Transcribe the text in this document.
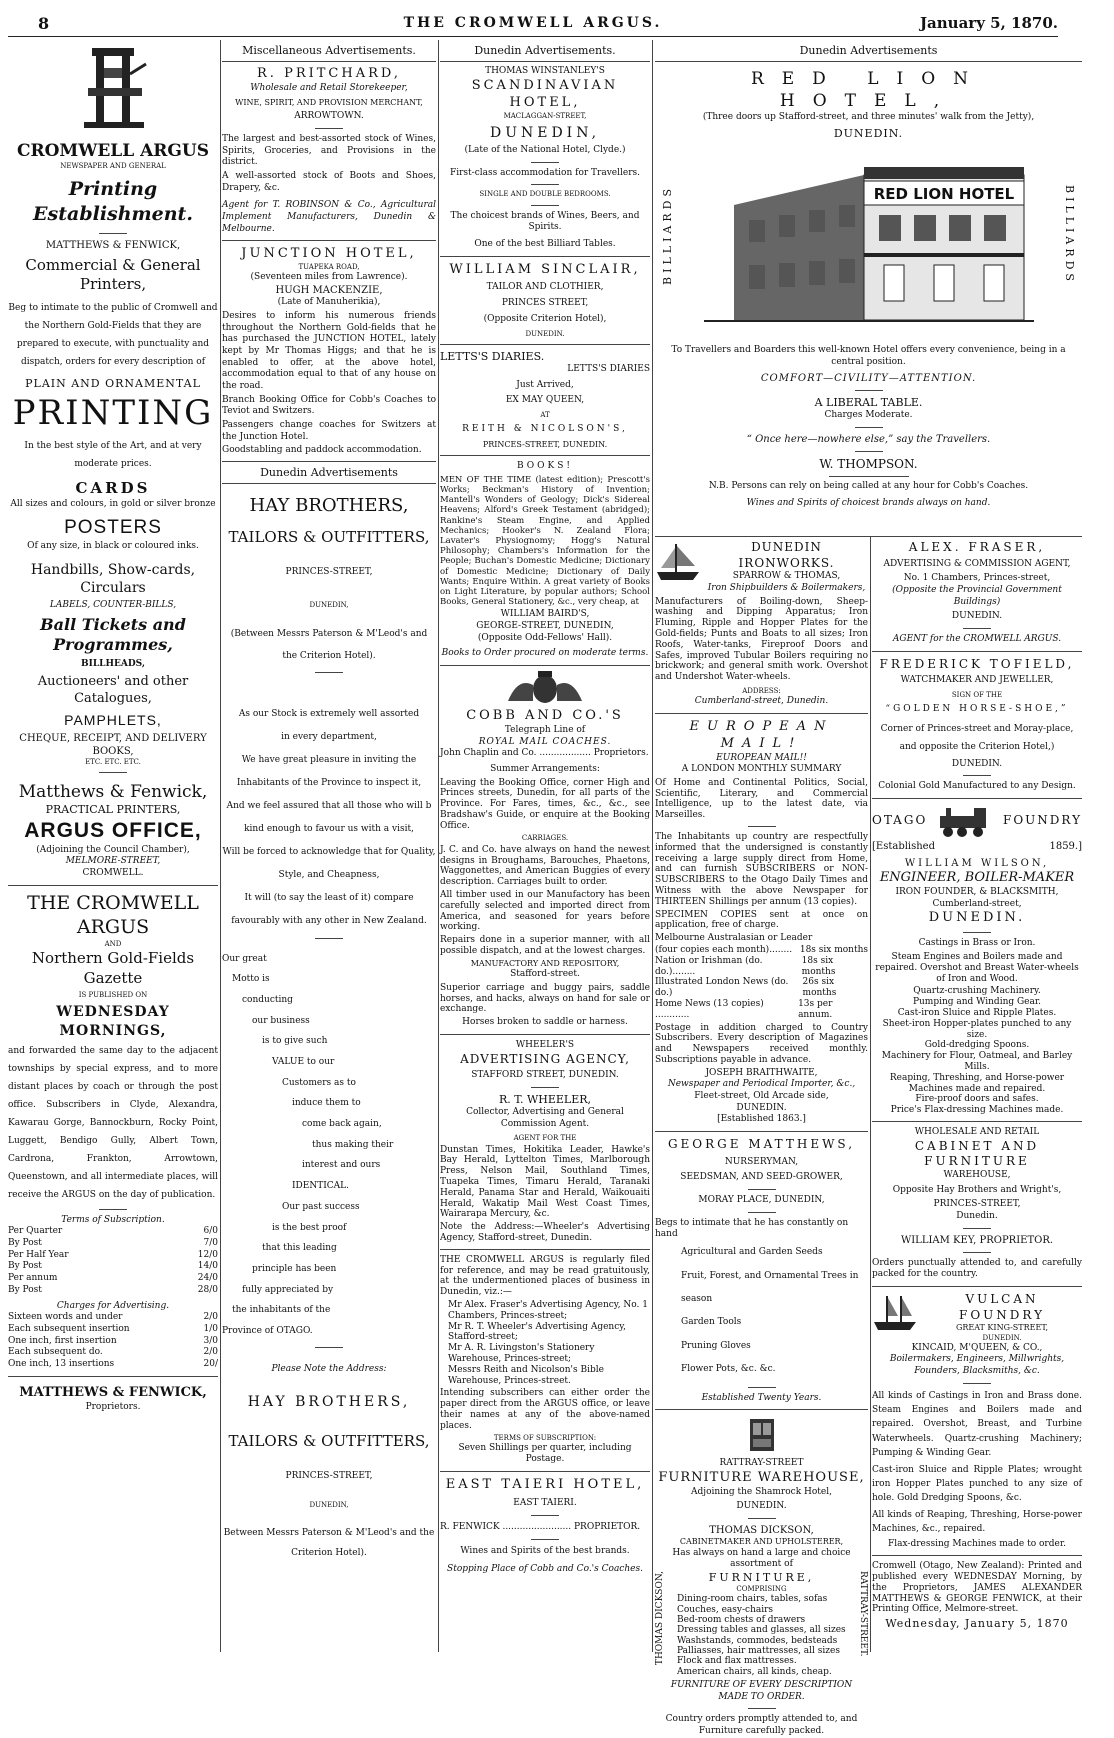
8	THE CROMWELL ARGUS.	January 5, 1870.
CROMWELL ARGUS
NEWSPAPER AND GENERAL
Printing Establishment.
MATTHEWS & FENWICK,
Commercial & General Printers,

Beg to intimate to the public of Cromwell and the Northern Gold-Fields that they are prepared to execute, with punctuality and dispatch, orders for every description of

PLAIN AND ORNAMENTAL
PRINTING

In the best style of the Art, and at very moderate prices.

CARDS
All sizes and colours, in gold or silver bronze
POSTERS
Of any size, in black or coloured inks.
Handbills, Show-cards, Circulars
LABELS, COUNTER-BILLS,
Ball Tickets and Programmes,
BILLHEADS,
Auctioneers' and other Catalogues,
PAMPHLETS,
CHEQUE, RECEIPT, AND DELIVERY BOOKS,
ETC. ETC. ETC.
Matthews & Fenwick,
PRACTICAL PRINTERS,
ARGUS OFFICE,
(Adjoining the Council Chamber),
MELMORE-STREET,
CROMWELL.
THE CROMWELL ARGUS
AND
Northern Gold-Fields Gazette
IS PUBLISHED ON
WEDNESDAY MORNINGS,

and forwarded the same day to the adjacent townships by special express, and to more distant places by coach or through the post office. Subscribers in Clyde, Alexandra, Kawarau Gorge, Bannockburn, Rocky Point, Luggett, Bendigo Gully, Albert Town, Cardrona, Frankton, Arrowtown, Queenstown, and all intermediate places, will receive the ARGUS on the day of publication.

Terms of Subscription.
Per Quarter	6/0
By Post	7/0
Per Half Year	12/0
By Post	14/0
Per annum	24/0
By Post	28/0
Charges for Advertising.
Sixteen words and under	2/0
Each subsequent insertion	1/0
One inch, first insertion	3/0
Each subsequent do.	2/0
One inch, 13 insertions	20/
MATTHEWS & FENWICK,
Proprietors.
Miscellaneous Advertisements.
R. PRITCHARD,
Wholesale and Retail Storekeeper,
WINE, SPIRIT, AND PROVISION MERCHANT,
ARROWTOWN.

The largest and best-assorted stock of Wines, Spirits, Groceries, and Provisions in the district.

A well-assorted stock of Boots and Shoes, Drapery, &c.

Agent for T. ROBINSON & Co., Agricultural Implement Manufacturers, Dunedin & Melbourne.

JUNCTION HOTEL,
TUAPEKA ROAD,
(Seventeen miles from Lawrence).
HUGH MACKENZIE,
(Late of Manuherikia),

Desires to inform his numerous friends throughout the Northern Gold-fields that he has purchased the JUNCTION HOTEL, lately kept by Mr Thomas Higgs; and that he is enabled to offer, at the above hotel, accommodation equal to that of any house on the road.

Branch Booking Office for Cobb's Coaches to Teviot and Switzers.

Passengers change coaches for Switzers at the Junction Hotel.

Goodstabling and paddock accommodation.

Dunedin Advertisements
HAY BROTHERS,
TAILORS & OUTFITTERS,
PRINCES-STREET,
DUNEDIN,

(Between Messrs Paterson & M'Leod's and the Criterion Hotel).

As our Stock is extremely well assorted
in every department,
We have great pleasure in inviting the Inhabitants of the Province to inspect it,
And we feel assured that all those who will b kind enough to favour us with a visit,
Will be forced to acknowledge that for Quality, Style, and Cheapness,
It will (to say the least of it) compare favourably with any other in New Zealand.
Our great
Motto is
conducting
our business
is to give such
VALUE to our
Customers as to
induce them to
come back again,
thus making their
interest and ours
IDENTICAL.
Our past success
is the best proof
that this leading
principle has been
fully appreciated by
the inhabitants of the
Province of OTAGO.
Please Note the Address:
HAY BROTHERS,
TAILORS & OUTFITTERS,
PRINCES-STREET,
DUNEDIN,

Between Messrs Paterson & M'Leod's and the Criterion Hotel).

Dunedin Advertisements.
THOMAS WINSTANLEY'S
SCANDINAVIAN HOTEL,
MACLAGGAN-STREET,
DUNEDIN,
(Late of the National Hotel, Clyde.)
First-class accommodation for Travellers.
SINGLE AND DOUBLE BEDROOMS.
The choicest brands of Wines, Beers, and Spirits.
One of the best Billiard Tables.
WILLIAM SINCLAIR,
TAILOR AND CLOTHIER,
PRINCES STREET,
(Opposite Criterion Hotel),
DUNEDIN.
LETTS'S DIARIES.
LETTS'S DIARIES
Just Arrived,
EX MAY QUEEN,
AT
REITH & NICOLSON'S,
PRINCES-STREET, DUNEDIN.
BOOKS!

MEN OF THE TIME (latest edition); Prescott's Works; Beckman's History of Invention; Mantell's Wonders of Geology; Dick's Sidereal Heavens; Alford's Greek Testament (abridged); Rankine's Steam Engine, and Applied Mechanics; Hooker's N. Zealand Flora; Lavater's Physiognomy; Hogg's Natural Philosophy; Chambers's Information for the People; Buchan's Domestic Medicine; Dictionary of Domestic Medicine; Dictionary of Daily Wants; Enquire Within. A great variety of Books on Light Literature, by popular authors; School Books, General Stationery, &c., very cheap, at

WILLIAM BAIRD'S,
GEORGE-STREET, DUNEDIN,
(Opposite Odd-Fellows' Hall).
Books to Order procured on moderate terms.
COBB AND CO.'S
Telegraph Line of
ROYAL MAIL COACHES.
John Chaplin and Co. .................. Proprietors.
Summer Arrangements:

Leaving the Booking Office, corner High and Princes streets, Dunedin, for all parts of the Province. For Fares, times, &c., &c., see Bradshaw's Guide, or enquire at the Booking Office.

CARRIAGES.

J. C. and Co. have always on hand the newest designs in Broughams, Barouches, Phaetons, Waggonettes, and American Buggies of every description. Carriages built to order.

All timber used in our Manufactory has been carefully selected and imported direct from America, and seasoned for years before working.

Repairs done in a superior manner, with all possible dispatch, and at the lowest charges.

MANUFACTORY AND REPOSITORY,
Stafford-street.

Superior carriage and buggy pairs, saddle horses, and hacks, always on hand for sale or exchange.

Horses broken to saddle or harness.
WHEELER'S
ADVERTISING AGENCY,
STAFFORD STREET, DUNEDIN.
R. T. WHEELER,
Collector, Advertising and General Commission Agent.
AGENT FOR THE

Dunstan Times, Hokitika Leader, Hawke's Bay Herald, Lyttelton Times, Marlborough Press, Nelson Mail, Southland Times, Tuapeka Times, Timaru Herald, Taranaki Herald, Panama Star and Herald, Waikouaiti Herald, Wakatip Mail West Coast Times, Wairarapa Mercury, &c.

Note the Address:—Wheeler's Advertising Agency, Stafford-street, Dunedin.

THE CROMWELL ARGUS is regularly filed for reference, and may be read gratuitously, at the undermentioned places of business in Dunedin, viz.:—

Mr Alex. Fraser's Advertising Agency, No. 1 Chambers, Princes-street;
Mr R. T. Wheeler's Advertising Agency, Stafford-street;
Mr A. R. Livingston's Stationery Warehouse, Princes-street;
Messrs Reith and Nicolson's Bible Warehouse, Princes-street.

Intending subscribers can either order the paper direct from the ARGUS office, or leave their names at any of the above-named places.

TERMS OF SUBSCRIPTION:
Seven Shillings per quarter, including Postage.
EAST TAIERI HOTEL,
EAST TAIERI.
R. FENWICK ........................ PROPRIETOR.
Wines and Spirits of the best brands.
Stopping Place of Cobb and Co.'s Coaches.
Dunedin Advertisements
RED LION HOTEL,
(Three doors up Stafford-street, and three minutes' walk from the Jetty),
DUNEDIN.
BILLIARDS	BILLIARDS
RED LION HOTEL
To Travellers and Boarders this well-known Hotel offers every convenience, being in a central position.
COMFORT—CIVILITY—ATTENTION.
A LIBERAL TABLE.
Charges Moderate.
“ Once here—nowhere else,” say the Travellers.
W. THOMPSON.
N.B. Persons can rely on being called at any hour for Cobb's Coaches.
Wines and Spirits of choicest brands always on hand.
DUNEDIN IRONWORKS.
SPARROW & THOMAS,
Iron Shipbuilders & Boilermakers,

Manufacturers of Boiling-down, Sheep-washing and Dipping Apparatus; Iron Fluming, Ripple and Hopper Plates for the Gold-fields; Punts and Boats to all sizes; Iron Roofs, Water-tanks, Fireproof Doors and Safes, improved Tubular Boilers requiring no brickwork; and general smith work. Overshot and Undershot Water-wheels.

ADDRESS:
Cumberland-street, Dunedin.
EUROPEAN MAIL!
EUROPEAN MAIL!!
A LONDON MONTHLY SUMMARY

Of Home and Continental Politics, Social, Scientific, Literary, and Commercial Intelligence, up to the latest date, via Marseilles.

The Inhabitants up country are respectfully informed that the undersigned is constantly receiving a large supply direct from Home, and can furnish SUBSCRIBERS or NON-SUBSCRIBERS to the Otago Daily Times and Witness with the above Newspaper for THIRTEEN Shillings per annum (13 copies).

SPECIMEN COPIES sent at once on application, free of charge.

Melbourne Australasian or Leader
(four copies each month)........ 18s six months
Nation or Irishman (do. do.)........
18s six months
Illustrated London News (do. do.)
26s six months
Home News (13 copies) ............
13s per annum.

Postage in addition charged to Country Subscribers. Every description of Magazines and Newspapers received monthly. Subscriptions payable in advance.

JOSEPH BRAITHWAITE,
Newspaper and Periodical Importer, &c.,
Fleet-street, Old Arcade side,
DUNEDIN.
[Established 1863.]
GEORGE MATTHEWS,
NURSERYMAN,
SEEDSMAN, AND SEED-GROWER,
MORAY PLACE, DUNEDIN,
Begs to intimate that he has constantly on hand
Agricultural and Garden Seeds
Fruit, Forest, and Ornamental Trees in season
Garden Tools
Pruning Gloves
Flower Pots, &c. &c.
Established Twenty Years.
RATTRAY-STREET
FURNITURE WAREHOUSE,
Adjoining the Shamrock Hotel,
DUNEDIN.
THOMAS DICKSON,
CABINETMAKER AND UPHOLSTERER,
Has always on hand a large and choice assortment of
THOMAS DICKSON,	RATTRAY-STREET.
FURNITURE,
COMPRISING
Dining-room chairs, tables, sofas
Couches, easy-chairs
Bed-room chests of drawers
Dressing tables and glasses, all sizes
Washstands, commodes, bedsteads
Palliasses, hair mattresses, all sizes
Flock and flax mattresses.
American chairs, all kinds, cheap.
FURNITURE OF EVERY DESCRIPTION MADE TO ORDER.
Country orders promptly attended to, and Furniture carefully packed.
ALEX. FRASER,
ADVERTISING & COMMISSION AGENT,
No. 1 Chambers, Princes-street,
(Opposite the Provincial Government Buildings)
DUNEDIN.
AGENT for the CROMWELL ARGUS.
FREDERICK TOFIELD,
WATCHMAKER AND JEWELLER,
SIGN OF THE
“GOLDEN HORSE-SHOE,”

Corner of Princes-street and Moray-place, and opposite the Criterion Hotel,)

DUNEDIN.
Colonial Gold Manufactured to any Design.
OTAGO	FOUNDRY
[Established	1859.]
WILLIAM WILSON,
ENGINEER, BOILER-MAKER
IRON FOUNDER, & BLACKSMITH,
Cumberland-street,
DUNEDIN.
Castings in Brass or Iron.

Steam Engines and Boilers made and repaired. Overshot and Breast Water-wheels of Iron and Wood.

Quartz-crushing Machinery.
Pumping and Winding Gear.
Cast-iron Sluice and Ripple Plates.
Sheet-iron Hopper-plates punched to any size.
Gold-dredging Spoons.
Machinery for Flour, Oatmeal, and Barley Mills.
Reaping, Threshing, and Horse-power Machines made and repaired.
Fire-proof doors and safes.
Price's Flax-dressing Machines made.
WHOLESALE AND RETAIL
CABINET AND FURNITURE
WAREHOUSE,
Opposite Hay Brothers and Wright's,
PRINCES-STREET,
Dunedin.
WILLIAM KEY, PROPRIETOR.

Orders punctually attended to, and carefully packed for the country.

VULCAN FOUNDRY
GREAT KING-STREET,
DUNEDIN.
KINCAID, M'QUEEN, & CO.,
Boilermakers, Engineers, Millwrights, Founders, Blacksmiths, &c.

All kinds of Castings in Iron and Brass done. Steam Engines and Boilers made and repaired. Overshot, Breast, and Turbine Waterwheels. Quartz-crushing Machinery; Pumping & Winding Gear.

Cast-iron Sluice and Ripple Plates; wrought iron Hopper Plates punched to any size of hole. Gold Dredging Spoons, &c.

All kinds of Reaping, Threshing, Horse-power Machines, &c., repaired.

Flax-dressing Machines made to order.

Cromwell (Otago, New Zealand): Printed and published every WEDNESDAY Morning, by the Proprietors, JAMES ALEXANDER MATTHEWS & GEORGE FENWICK, at their Printing Office, Melmore-street.

Wednesday, January 5, 1870
